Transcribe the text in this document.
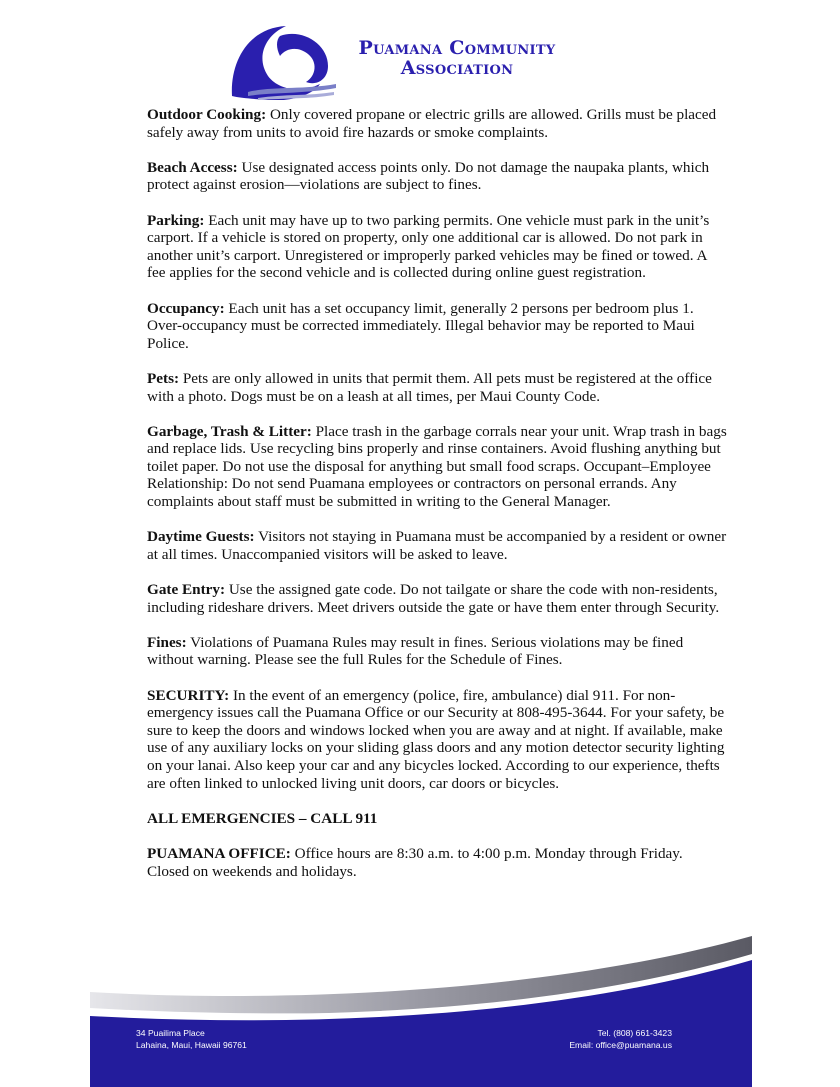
Puamana Community
Association

Outdoor Cooking: Only covered propane or electric grills are allowed. Grills must be placed safely away from units to avoid fire hazards or smoke complaints.

Beach Access: Use designated access points only. Do not damage the naupaka plants, which protect against erosion—violations are subject to fines.

Parking: Each unit may have up to two parking permits. One vehicle must park in the unit’s carport. If a vehicle is stored on property, only one additional car is allowed. Do not park in another unit’s carport. Unregistered or improperly parked vehicles may be fined or towed. A fee applies for the second vehicle and is collected during online guest registration.

Occupancy: Each unit has a set occupancy limit, generally 2 persons per bedroom plus 1. Over-occupancy must be corrected immediately. Illegal behavior may be reported to Maui Police.

Pets: Pets are only allowed in units that permit them. All pets must be registered at the office with a photo. Dogs must be on a leash at all times, per Maui County Code.

Garbage, Trash & Litter: Place trash in the garbage corrals near your unit. Wrap trash in bags and replace lids. Use recycling bins properly and rinse containers. Avoid flushing anything but toilet paper. Do not use the disposal for anything but small food scraps. Occupant–Employee Relationship: Do not send Puamana employees or contractors on personal errands. Any complaints about staff must be submitted in writing to the General Manager.

Daytime Guests: Visitors not staying in Puamana must be accompanied by a resident or owner at all times. Unaccompanied visitors will be asked to leave.

Gate Entry: Use the assigned gate code. Do not tailgate or share the code with non-residents, including rideshare drivers. Meet drivers outside the gate or have them enter through Security.

Fines: Violations of Puamana Rules may result in fines. Serious violations may be fined without warning. Please see the full Rules for the Schedule of Fines.

SECURITY: In the event of an emergency (police, fire, ambulance) dial 911. For non-emergency issues call the Puamana Office or our Security at 808-495-3644. For your safety, be sure to keep the doors and windows locked when you are away and at night. If available, make use of any auxiliary locks on your sliding glass doors and any motion detector security lighting on your lanai. Also keep your car and any bicycles locked. According to our experience, thefts are often linked to unlocked living unit doors, car doors or bicycles.

ALL EMERGENCIES – CALL 911

PUAMANA OFFICE: Office hours are 8:30 a.m. to 4:00 p.m. Monday through Friday. Closed on weekends and holidays.

34 Puailima Place
Lahaina, Maui, Hawaii 96761
Tel. (808) 661-3423
Email: office@puamana.us
